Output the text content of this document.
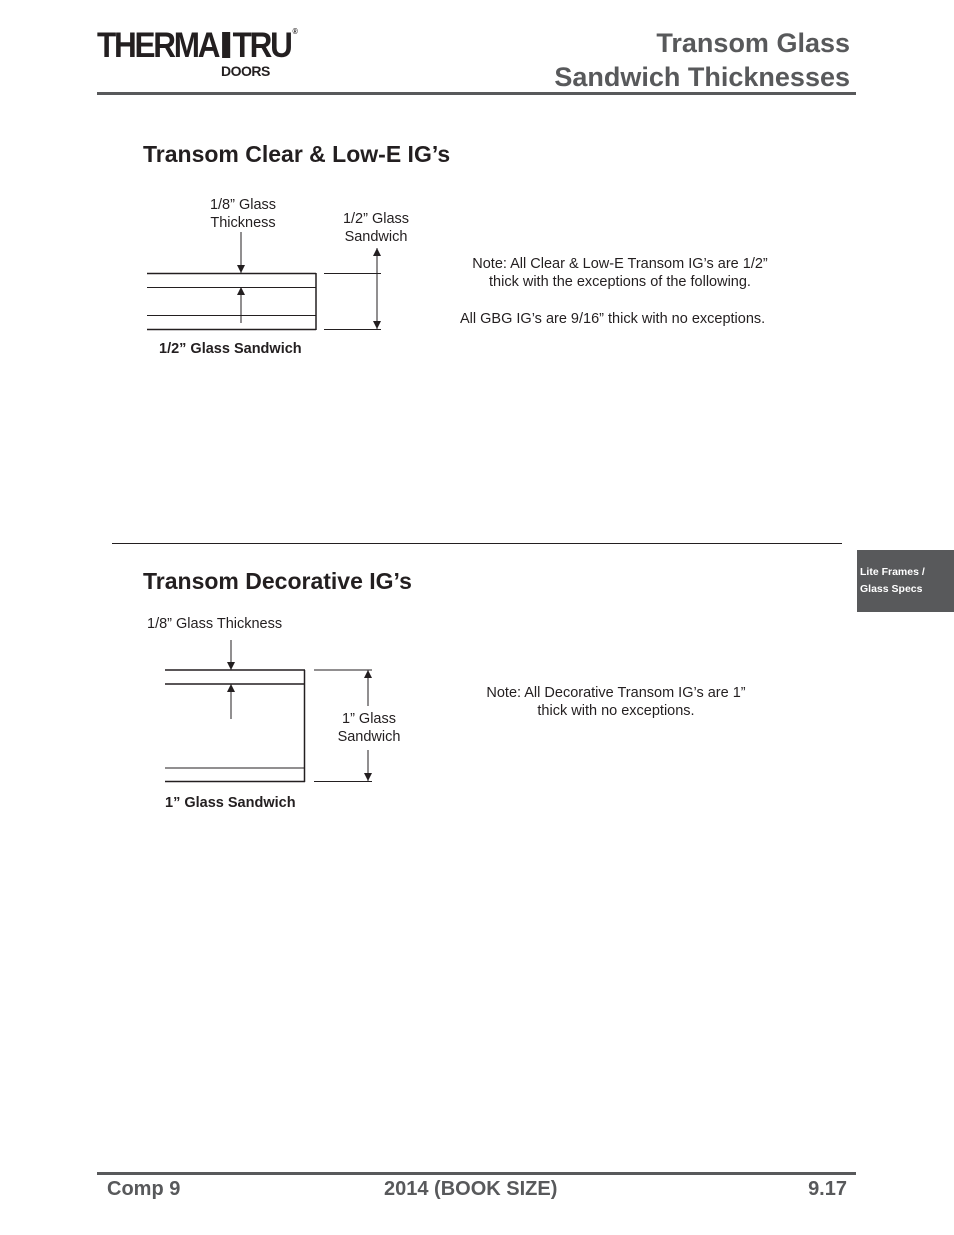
THERMA TRU ®
DOORS
Transom Glass
Sandwich Thicknesses
Transom Clear & Low-E IG’s
1/8” Glass
Thickness	1/2” Glass
Sandwich
1/2” Glass Sandwich
Note: All Clear & Low-E Transom IG’s are 1/2”
thick with the exceptions of the following.
All GBG IG’s are 9/16” thick with no exceptions.
Transom Decorative IG’s
1/8” Glass Thickness
1” Glass
Sandwich
1” Glass Sandwich
Note: All Decorative Transom IG’s are 1”
thick with no exceptions.
Lite Frames /
Glass Specs
Comp 9	2014 (BOOK SIZE)	9.17
